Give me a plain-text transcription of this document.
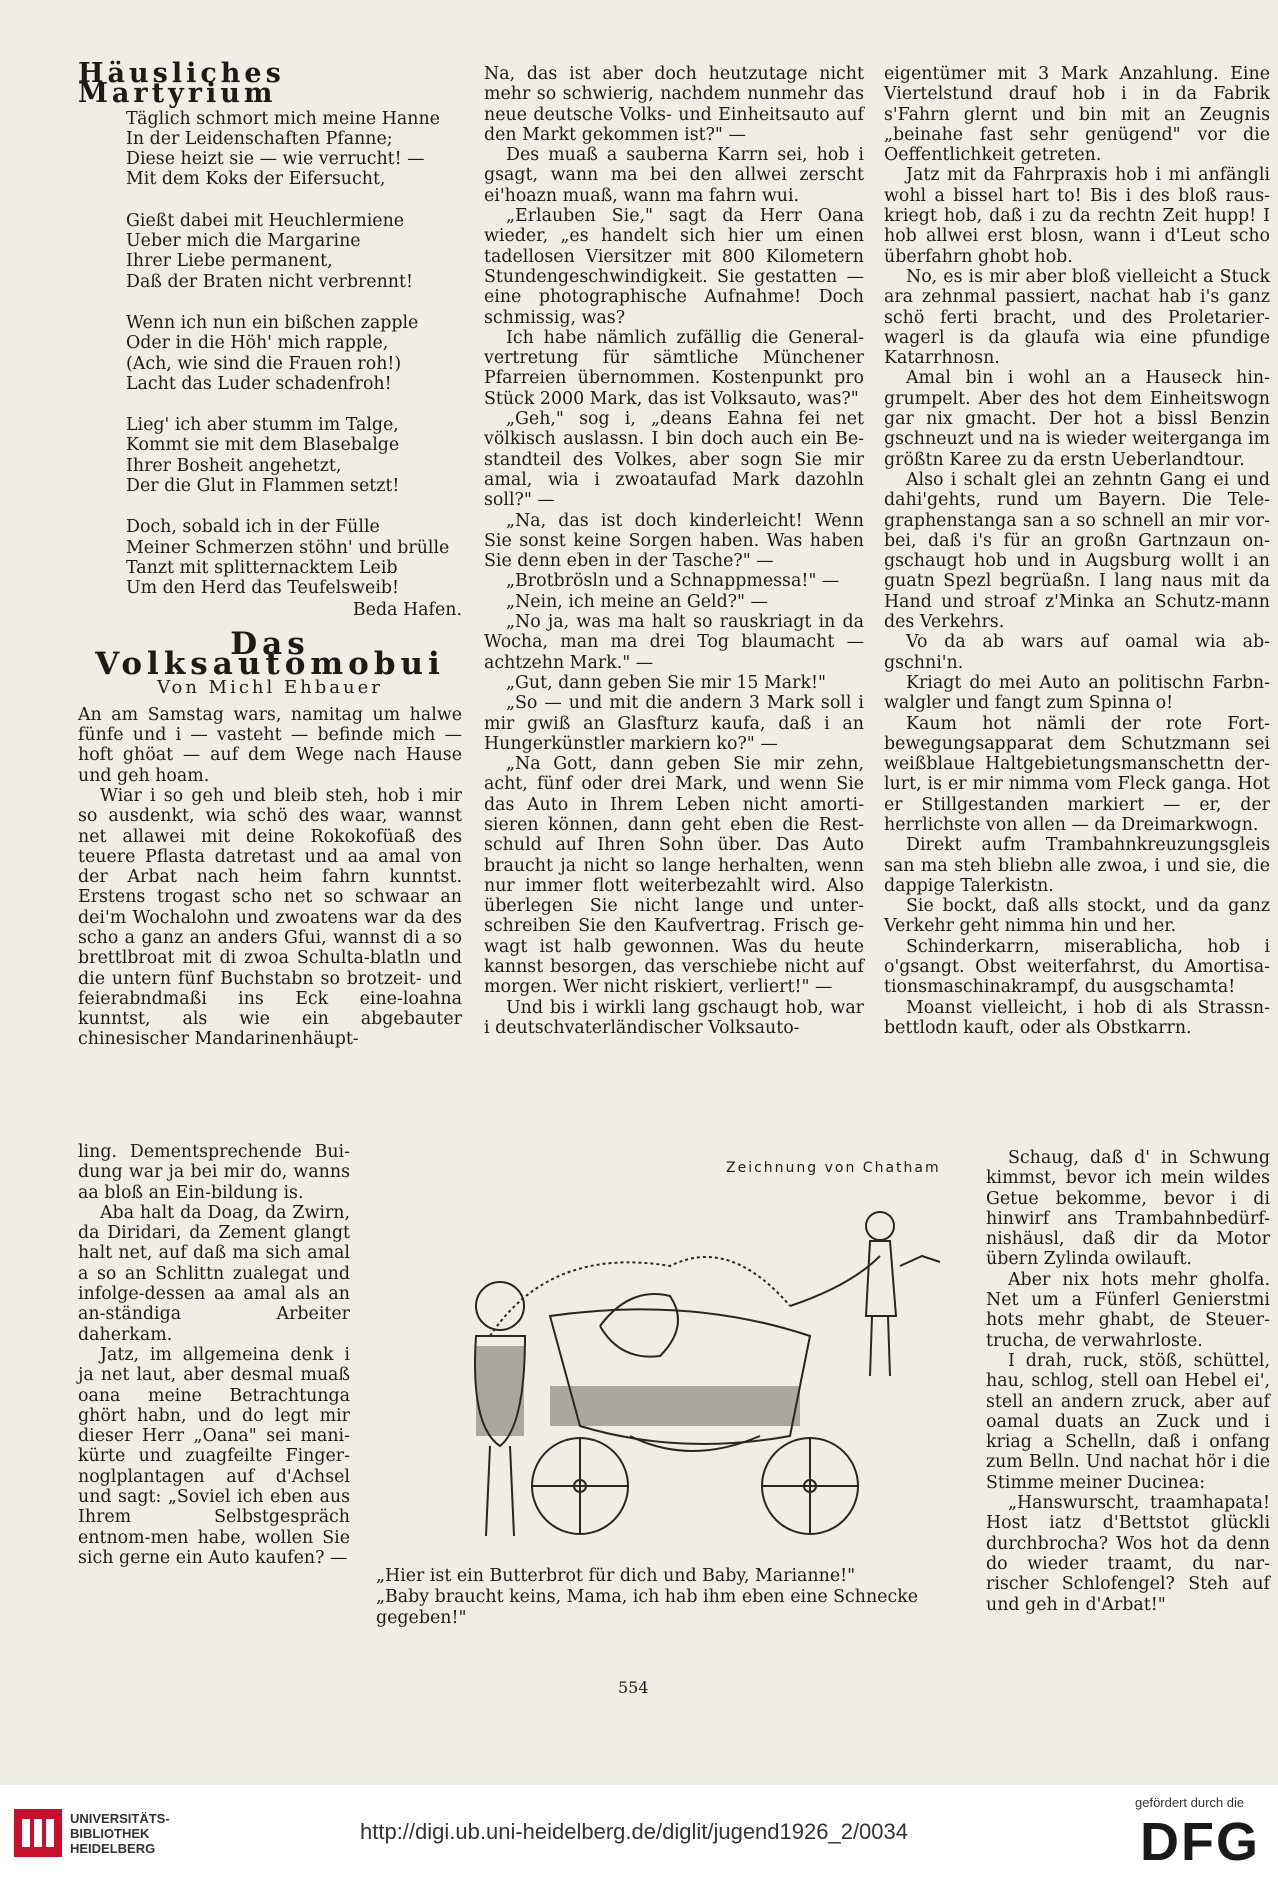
Häusliches Martyrium
Täglich schmort mich meine Hanne
In der Leidenschaften Pfanne;
Diese heizt sie — wie verrucht! —
Mit dem Koks der Eifersucht,
Gießt dabei mit Heuchlermiene
Ueber mich die Margarine
Ihrer Liebe permanent,
Daß der Braten nicht verbrennt!
Wenn ich nun ein bißchen zapple
Oder in die Höh' mich rapple,
(Ach, wie sind die Frauen roh!)
Lacht das Luder schadenfroh!
Lieg' ich aber stumm im Talge,
Kommt sie mit dem Blasebalge
Ihrer Bosheit angehetzt,
Der die Glut in Flammen setzt!
Doch, sobald ich in der Fülle
Meiner Schmerzen stöhn' und brülle
Tanzt mit splitternacktem Leib
Um den Herd das Teufelsweib!
Beda Hafen.
Das Volksautomobui
Von Michl Ehbauer

An am Samstag wars, namitag um halwe fünfe und i — vasteht — befinde mich — hoft ghöat — auf dem Wege nach Hause und geh hoam.

Wiar i so geh und bleib steh, hob i mir so ausdenkt, wia schö des waar, wannst net allawei mit deine Rokokofüaß des teuere Pflasta datretast und aa amal von der Arbat nach heim fahrn kunntst. Erstens trogast scho net so schwaar an dei'm Wochalohn und zwoatens war da des scho a ganz an anders Gfui, wannst di a so brettlbroat mit di zwoa Schulta-blatln und die untern fünf Buchstabn so brotzeit- und feierabndmaßi ins Eck eine-loahna kunntst, als wie ein abgebauter chinesischer Mandarinenhäupt-

ling. Dementsprechende Bui-dung war ja bei mir do, wanns aa bloß an Ein-bildung is.

Aba halt da Doag, da Zwirn, da Diridari, da Zement glangt halt net, auf daß ma sich amal a so an Schlittn zualegat und infolge-dessen aa amal als an an-ständiga Arbeiter daherkam.

Jatz, im allgemeina denk i ja net laut, aber desmal muaß oana meine Betrachtunga ghört habn, und do legt mir dieser Herr „Oana" sei mani-kürte und zuagfeilte Finger-noglplantagen auf d'Achsel und sagt: „Soviel ich eben aus Ihrem Selbstgespräch entnom-men habe, wollen Sie sich gerne ein Auto kaufen? —

Na, das ist aber doch heutzutage nicht mehr so schwierig, nachdem nunmehr das neue deutsche Volks- und Einheitsauto auf den Markt gekommen ist?" —

Des muaß a sauberna Karrn sei, hob i gsagt, wann ma bei den allwei zerscht ei'hoazn muaß, wann ma fahrn wui.

„Erlauben Sie," sagt da Herr Oana wieder, „es handelt sich hier um einen tadellosen Viersitzer mit 800 Kilometern Stundengeschwindigkeit. Sie gestatten — eine photographische Aufnahme! Doch schmissig, was?

Ich habe nämlich zufällig die General-vertretung für sämtliche Münchener Pfarreien übernommen. Kostenpunkt pro Stück 2000 Mark, das ist Volksauto, was?"

„Geh," sog i, „deans Eahna fei net völkisch auslassn. I bin doch auch ein Be-standteil des Volkes, aber sogn Sie mir amal, wia i zwoataufad Mark dazohln soll?" —

„Na, das ist doch kinderleicht! Wenn Sie sonst keine Sorgen haben. Was haben Sie denn eben in der Tasche?" —

„Brotbrösln und a Schnappmessa!" —

„Nein, ich meine an Geld?" —

„No ja, was ma halt so rauskriagt in da Wocha, man ma drei Tog blaumacht — achtzehn Mark." —

„Gut, dann geben Sie mir 15 Mark!"

„So — und mit die andern 3 Mark soll i mir gwiß an Glasfturz kaufa, daß i an Hungerkünstler markiern ko?" —

„Na Gott, dann geben Sie mir zehn, acht, fünf oder drei Mark, und wenn Sie das Auto in Ihrem Leben nicht amorti-sieren können, dann geht eben die Rest-schuld auf Ihren Sohn über. Das Auto braucht ja nicht so lange herhalten, wenn nur immer flott weiterbezahlt wird. Also überlegen Sie nicht lange und unter-schreiben Sie den Kaufvertrag. Frisch ge-wagt ist halb gewonnen. Was du heute kannst besorgen, das verschiebe nicht auf morgen. Wer nicht riskiert, verliert!" —

Und bis i wirkli lang gschaugt hob, war i deutschvaterländischer Volksauto-

eigentümer mit 3 Mark Anzahlung. Eine Viertelstund drauf hob i in da Fabrik s'Fahrn glernt und bin mit an Zeugnis „beinahe fast sehr genügend" vor die Oeffentlichkeit getreten.

Jatz mit da Fahrpraxis hob i mi anfängli wohl a bissel hart to! Bis i des bloß raus-kriegt hob, daß i zu da rechtn Zeit hupp! I hob allwei erst blosn, wann i d'Leut scho überfahrn ghobt hob.

No, es is mir aber bloß vielleicht a Stuck ara zehnmal passiert, nachat hab i's ganz schö ferti bracht, und des Proletarier-wagerl is da glaufa wia eine pfundige Katarrhnosn.

Amal bin i wohl an a Hauseck hin-grumpelt. Aber des hot dem Einheitswogn gar nix gmacht. Der hot a bissl Benzin gschneuzt und na is wieder weiterganga im größtn Karee zu da erstn Ueberlandtour.

Also i schalt glei an zehntn Gang ei und dahi'gehts, rund um Bayern. Die Tele-graphenstanga san a so schnell an mir vor-bei, daß i's für an großn Gartnzaun on-gschaugt hob und in Augsburg wollt i an guatn Spezl begrüaßn. I lang naus mit da Hand und stroaf z'Minka an Schutz-mann des Verkehrs.

Vo da ab wars auf oamal wia ab-gschni'n.

Kriagt do mei Auto an politischn Farbn-walgler und fangt zum Spinna o!

Kaum hot nämli der rote Fort-bewegungsapparat dem Schutzmann sei weißblaue Haltgebietungsmanschettn der-lurt, is er mir nimma vom Fleck ganga. Hot er Stillgestanden markiert — er, der herrlichste von allen — da Dreimarkwogn.

Direkt aufm Trambahnkreuzungsgleis san ma steh bliebn alle zwoa, i und sie, die dappige Talerkistn.

Sie bockt, daß alls stockt, und da ganz Verkehr geht nimma hin und her.

Schinderkarrn, miserablicha, hob i o'gsangt. Obst weiterfahrst, du Amortisa-tionsmaschinakrampf, du ausgschamta!

Moanst vielleicht, i hob di als Strassn-bettlodn kauft, oder als Obstkarrn.

Schaug, daß d' in Schwung kimmst, bevor ich mein wildes Getue bekomme, bevor i di hinwirf ans Trambahnbedürf-nishäusl, daß dir da Motor übern Zylinda owilauft.

Aber nix hots mehr gholfa. Net um a Fünferl Genierstmi hots mehr ghabt, de Steuer-trucha, de verwahrloste.

I drah, ruck, stöß, schüttel, hau, schlog, stell oan Hebel ei', stell an andern zruck, aber auf oamal duats an Zuck und i kriag a Schelln, daß i onfang zum Belln. Und nachat hör i die Stimme meiner Ducinea:

„Hanswurscht, traamhapata! Host iatz d'Bettstot glückli durchbrocha? Wos hot da denn do wieder traamt, du nar-rischer Schlofengel? Steh auf und geh in d'Arbat!"

Zeichnung von Chatham
„Hier ist ein Butterbrot für dich und Baby, Marianne!"
„Baby braucht keins, Mama, ich hab ihm eben eine Schnecke
gegeben!"
554
UNIVERSITÄTS-
BIBLIOTHEK
HEIDELBERG
http://digi.ub.uni-heidelberg.de/diglit/jugend1926_2/0034
gefördert durch die
DFG
